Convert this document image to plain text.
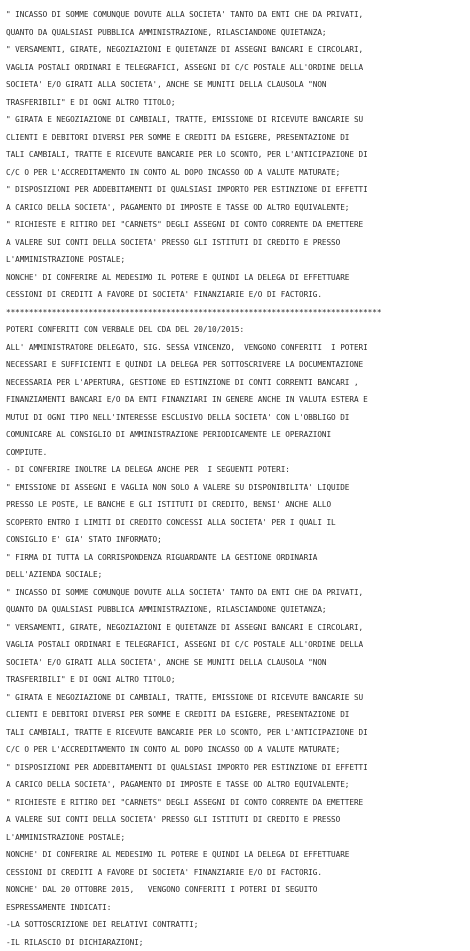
" INCASSO DI SOMME COMUNQUE DOVUTE ALLA SOCIETA' TANTO DA ENTI CHE DA PRIVATI,
QUANTO DA QUALSIASI PUBBLICA AMMINISTRAZIONE, RILASCIANDONE QUIETANZA;
" VERSAMENTI, GIRATE, NEGOZIAZIONI E QUIETANZE DI ASSEGNI BANCARI E CIRCOLARI,
VAGLIA POSTALI ORDINARI E TELEGRAFICI, ASSEGNI DI C/C POSTALE ALL'ORDINE DELLA
SOCIETA' E/O GIRATI ALLA SOCIETA', ANCHE SE MUNITI DELLA CLAUSOLA "NON
TRASFERIBILI" E DI OGNI ALTRO TITOLO;
" GIRATA E NEGOZIAZIONE DI CAMBIALI, TRATTE, EMISSIONE DI RICEVUTE BANCARIE SU
CLIENTI E DEBITORI DIVERSI PER SOMME E CREDITI DA ESIGERE, PRESENTAZIONE DI
TALI CAMBIALI, TRATTE E RICEVUTE BANCARIE PER LO SCONTO, PER L'ANTICIPAZIONE DI
C/C O PER L'ACCREDITAMENTO IN CONTO AL DOPO INCASSO OD A VALUTE MATURATE;
" DISPOSIZIONI PER ADDEBITAMENTI DI QUALSIASI IMPORTO PER ESTINZIONE DI EFFETTI
A CARICO DELLA SOCIETA', PAGAMENTO DI IMPOSTE E TASSE OD ALTRO EQUIVALENTE;
" RICHIESTE E RITIRO DEI "CARNETS" DEGLI ASSEGNI DI CONTO CORRENTE DA EMETTERE
A VALERE SUI CONTI DELLA SOCIETA' PRESSO GLI ISTITUTI DI CREDITO E PRESSO
L'AMMINISTRAZIONE POSTALE;
NONCHE' DI CONFERIRE AL MEDESIMO IL POTERE E QUINDI LA DELEGA DI EFFETTUARE
CESSIONI DI CREDITI A FAVORE DI SOCIETA' FINANZIARIE E/O DI FACTORIG.
**********************************************************************************
POTERI CONFERITI CON VERBALE DEL CDA DEL 20/10/2015:
ALL' AMMINISTRATORE DELEGATO, SIG. SESSA VINCENZO,  VENGONO CONFERITI  I POTERI
NECESSARI E SUFFICIENTI E QUINDI LA DELEGA PER SOTTOSCRIVERE LA DOCUMENTAZIONE
NECESSARIA PER L'APERTURA, GESTIONE ED ESTINZIONE DI CONTI CORRENTI BANCARI ,
FINANZIAMENTI BANCARI E/O DA ENTI FINANZIARI IN GENERE ANCHE IN VALUTA ESTERA E
MUTUI DI OGNI TIPO NELL'INTERESSE ESCLUSIVO DELLA SOCIETA' CON L'OBBLIGO DI
COMUNICARE AL CONSIGLIO DI AMMINISTRAZIONE PERIODICAMENTE LE OPERAZIONI
COMPIUTE.
- DI CONFERIRE INOLTRE LA DELEGA ANCHE PER  I SEGUENTI POTERI:
" EMISSIONE DI ASSEGNI E VAGLIA NON SOLO A VALERE SU DISPONIBILITA' LIQUIDE
PRESSO LE POSTE, LE BANCHE E GLI ISTITUTI DI CREDITO, BENSI' ANCHE ALLO
SCOPERTO ENTRO I LIMITI DI CREDITO CONCESSI ALLA SOCIETA' PER I QUALI IL
CONSIGLIO E' GIA' STATO INFORMATO;
" FIRMA DI TUTTA LA CORRISPONDENZA RIGUARDANTE LA GESTIONE ORDINARIA
DELL'AZIENDA SOCIALE;
" INCASSO DI SOMME COMUNQUE DOVUTE ALLA SOCIETA' TANTO DA ENTI CHE DA PRIVATI,
QUANTO DA QUALSIASI PUBBLICA AMMINISTRAZIONE, RILASCIANDONE QUIETANZA;
" VERSAMENTI, GIRATE, NEGOZIAZIONI E QUIETANZE DI ASSEGNI BANCARI E CIRCOLARI,
VAGLIA POSTALI ORDINARI E TELEGRAFICI, ASSEGNI DI C/C POSTALE ALL'ORDINE DELLA
SOCIETA' E/O GIRATI ALLA SOCIETA', ANCHE SE MUNITI DELLA CLAUSOLA "NON
TRASFERIBILI" E DI OGNI ALTRO TITOLO;
" GIRATA E NEGOZIAZIONE DI CAMBIALI, TRATTE, EMISSIONE DI RICEVUTE BANCARIE SU
CLIENTI E DEBITORI DIVERSI PER SOMME E CREDITI DA ESIGERE, PRESENTAZIONE DI
TALI CAMBIALI, TRATTE E RICEVUTE BANCARIE PER LO SCONTO, PER L'ANTICIPAZIONE DI
C/C O PER L'ACCREDITAMENTO IN CONTO AL DOPO INCASSO OD A VALUTE MATURATE;
" DISPOSIZIONI PER ADDEBITAMENTI DI QUALSIASI IMPORTO PER ESTINZIONE DI EFFETTI
A CARICO DELLA SOCIETA', PAGAMENTO DI IMPOSTE E TASSE OD ALTRO EQUIVALENTE;
" RICHIESTE E RITIRO DEI "CARNETS" DEGLI ASSEGNI DI CONTO CORRENTE DA EMETTERE
A VALERE SUI CONTI DELLA SOCIETA' PRESSO GLI ISTITUTI DI CREDITO E PRESSO
L'AMMINISTRAZIONE POSTALE;
NONCHE' DI CONFERIRE AL MEDESIMO IL POTERE E QUINDI LA DELEGA DI EFFETTUARE
CESSIONI DI CREDITI A FAVORE DI SOCIETA' FINANZIARIE E/O DI FACTORIG.
NONCHE' DAL 20 OTTOBRE 2015,   VENGONO CONFERITI I POTERI DI SEGUITO
ESPRESSAMENTE INDICATI:
-LA SOTTOSCRIZIONE DEI RELATIVI CONTRATTI;
-IL RILASCIO DI DICHIARAZIONI;
